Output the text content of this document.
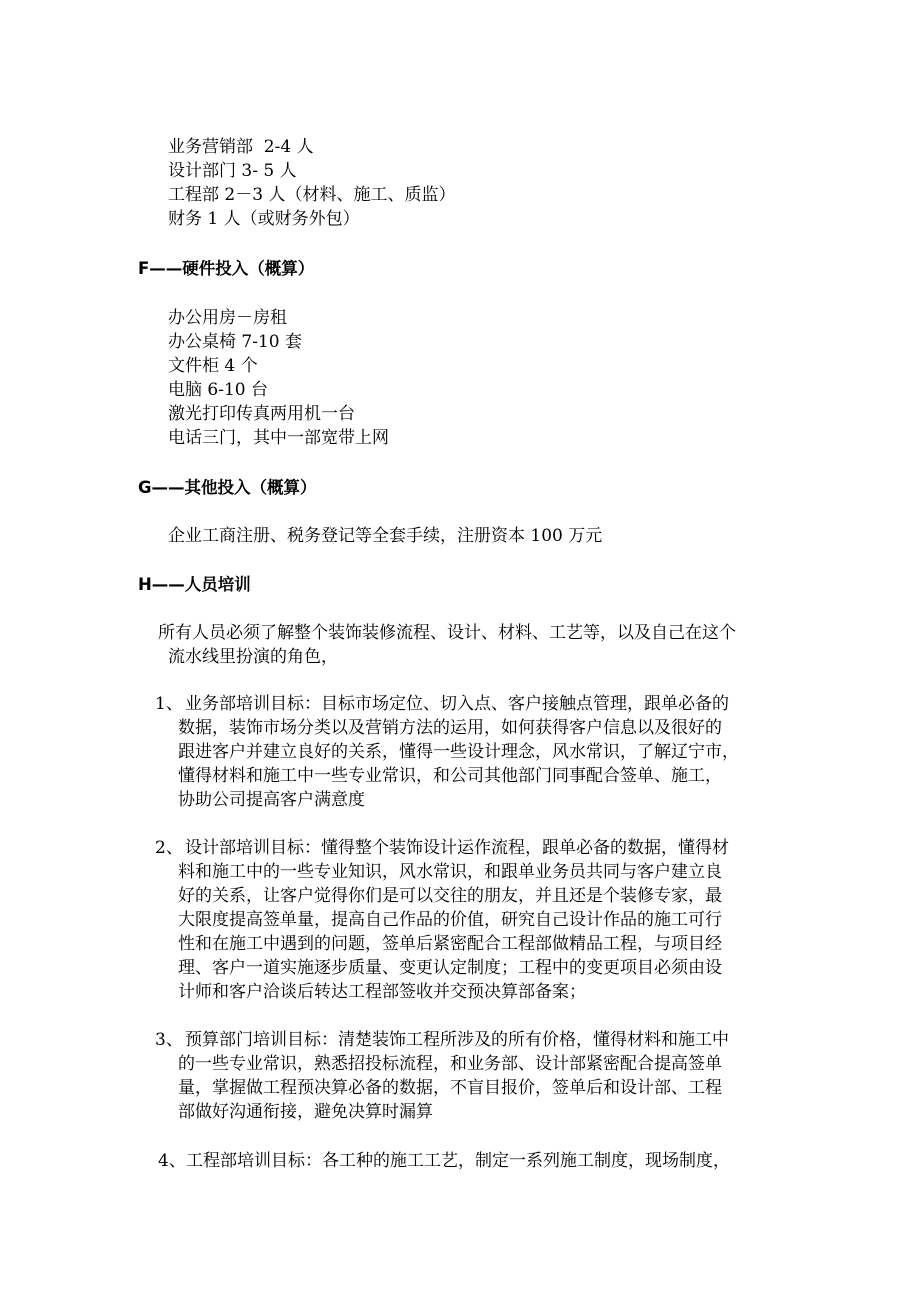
业务营销部  2-4 人
设计部门 3- 5 人
工程部 2－3 人（材料、施工、质监）
财务 1 人（或财务外包）
F——硬件投入（概算）
办公用房－房租
办公桌椅 7-10 套
文件柜 4 个
电脑 6-10 台
激光打印传真两用机一台
电话三门，其中一部宽带上网
G——其他投入（概算）
企业工商注册、税务登记等全套手续，注册资本 100 万元
H——人员培训
所有人员必须了解整个装饰装修流程、设计、材料、工艺等，以及自己在这个
流水线里扮演的角色，
1、 业务部培训目标：目标市场定位、切入点、客户接触点管理，跟单必备的
数据，装饰市场分类以及营销方法的运用，如何获得客户信息以及很好的
跟进客户并建立良好的关系，懂得一些设计理念，风水常识，了解辽宁市，
懂得材料和施工中一些专业常识，和公司其他部门同事配合签单、施工，
协助公司提高客户满意度
2、 设计部培训目标：懂得整个装饰设计运作流程，跟单必备的数据，懂得材
料和施工中的一些专业知识，风水常识，和跟单业务员共同与客户建立良
好的关系，让客户觉得你们是可以交往的朋友，并且还是个装修专家，最
大限度提高签单量，提高自己作品的价值，研究自己设计作品的施工可行
性和在施工中遇到的问题，签单后紧密配合工程部做精品工程，与项目经
理、客户一道实施逐步质量、变更认定制度；工程中的变更项目必须由设
计师和客户洽谈后转达工程部签收并交预决算部备案；
3、 预算部门培训目标：清楚装饰工程所涉及的所有价格，懂得材料和施工中
的一些专业常识，熟悉招投标流程，和业务部、设计部紧密配合提高签单
量，掌握做工程预决算必备的数据，不盲目报价，签单后和设计部、工程
部做好沟通衔接，避免决算时漏算
4、 工程部培训目标：各工种的施工工艺，制定一系列施工制度，现场制度，
